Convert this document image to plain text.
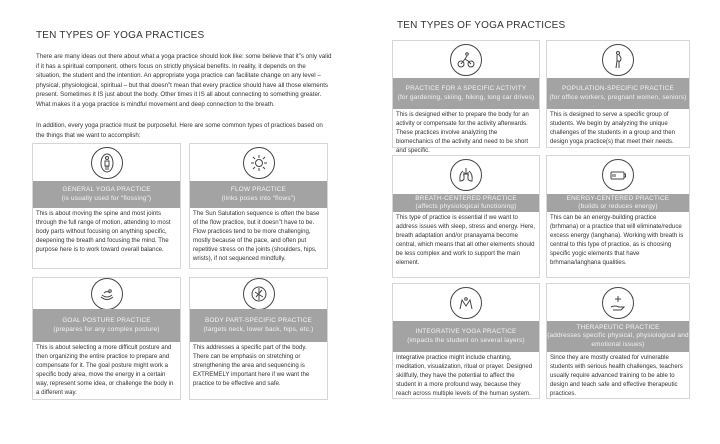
TEN TYPES OF YOGA PRACTICES
There are many ideas out there about what a yoga practice should look like: some believe that it”s only valid if it has a spiritual component, others focus on strictly physical benefits. In reality, it depends on the situation, the student and the intention. An appropriate yoga practice can facilitate change on any level – physical, physiological, spiritual – but that doesn”t mean that every practice should have all those elements present. Sometimes it IS just about the body. Other times it IS all about connecting to something greater. What makes it a yoga practice is mindful movement and deep connection to the breath.
In addition, every yoga practice must be purposeful. Here are some common types of practices based on the things that we want to accomplish:
GENERAL YOGA PRACTICE
(is usually used for “flossing”)
This is about moving the spine and most joints through the full range of motion, attending to most body parts without focusing on anything specific, deepening the breath and focusing the mind. The purpose here is to work toward overall balance.
FLOW PRACTICE
(links poses into “flows”)
The Sun Salutation sequence is often the base of the flow practice, but it doesn”t have to be. Flow practices tend to be more challenging, mostly because of the pace, and often put repetitive stress on the joints (shoulders, hips, wrists), if not sequenced mindfully.
GOAL POSTURE PRACTICE
(prepares for any complex posture)
This is about selecting a more difficult posture and then organizing the entire practice to prepare and compensate for it. The goal posture might work a specific body area, move the energy in a certain way, represent some idea, or challenge the body in a different way.
BODY PART-SPECIFIC PRACTICE
(targets neck, lower back, hips, etc.)
This addresses a specific part of the body. There can be emphasis on stretching or strengthening the area and sequencing is EXTREMELY important here if we want the practice to be effective and safe.
PRACTICE FOR A SPECIFIC ACTIVITY
(for gardening, skiing, hiking, long car drives)
This is designed either to prepare the body for an activity or compensate for the activity afterwards. These practices involve analyzing the biomechanics of the activity and need to be short and specific.
POPULATION-SPECIFIC PRACTICE
(for office workers, pregnant women, seniors)
This is designed to serve a specific group of students. We begin by analyzing the unique challenges of the students in a group and then design yoga practice(s) that meet their needs.
BREATH-CENTERED PRACTICE
(affects physiological functioning)
This type of practice is essential if we want to address issues with sleep, stress and energy. Here, breath adaptation and/or pranayama become central, which means that all other elements should be less complex and work to support the main element.
ENERGY-CENTERED PRACTICE
(builds or reduces energy)
This can be an energy-building practice (brhmana) or a practice that will eliminate/reduce excess energy (langhana). Working with breath is central to this type of practice, as is choosing specific yogic elements that have brhmana/langhana qualities.
INTEGRATIVE YOGA PRACTICE
(impacts the student on several layers)
Integrative practice might include chanting, meditation, visualization, ritual or prayer. Designed skillfully, they have the potential to affect the student in a more profound way, because they reach across multiple levels of the human system.
THERAPEUTIC PRACTICE
(addresses specific physical, physiological and emotional issues)
Since they are mostly created for vulnerable students with serious health challenges, teachers usually require advanced training to be able to design and teach safe and effective therapeutic practices.
TEN TYPES OF YOGA PRACTICES
